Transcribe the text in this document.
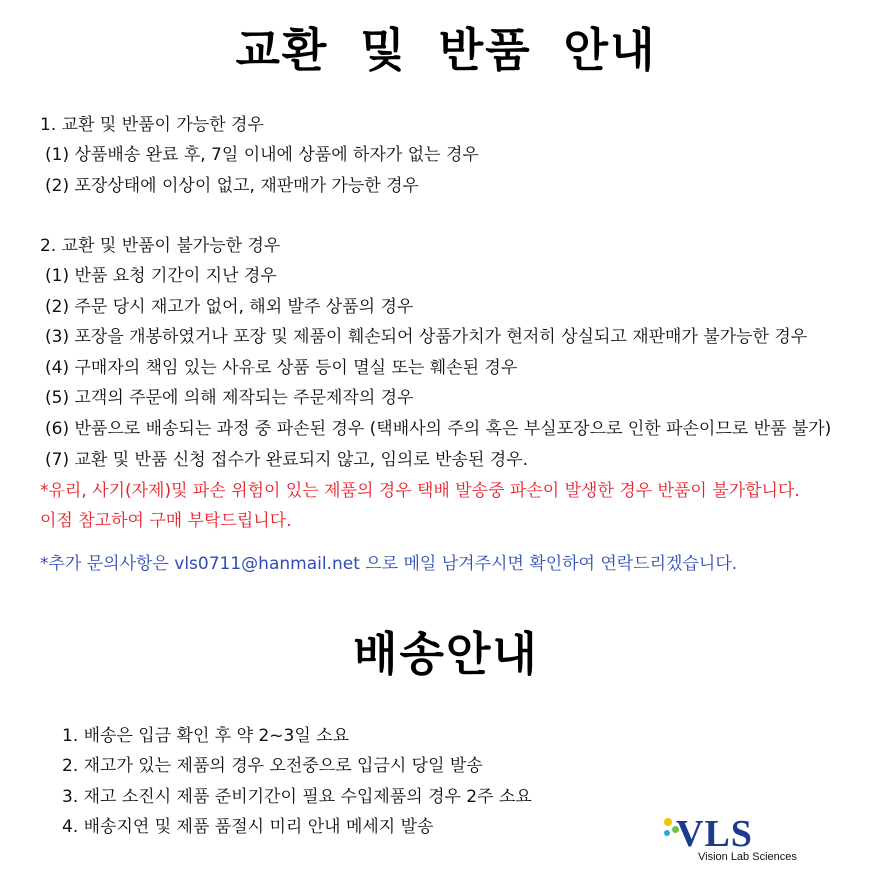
교환 및 반품 안내
1. 교환 및 반품이 가능한 경우
(1) 상품배송 완료 후, 7일 이내에 상품에 하자가 없는 경우
(2) 포장상태에 이상이 없고, 재판매가 가능한 경우
2. 교환 및 반품이 불가능한 경우
(1) 반품 요청 기간이 지난 경우
(2) 주문 당시 재고가 없어, 해외 발주 상품의 경우
(3) 포장을 개봉하였거나 포장 및 제품이 훼손되어 상품가치가 현저히 상실되고 재판매가 불가능한 경우
(4) 구매자의 책임 있는 사유로 상품 등이 멸실 또는 훼손된 경우
(5) 고객의 주문에 의해 제작되는 주문제작의 경우
(6) 반품으로 배송되는 과정 중 파손된 경우 (택배사의 주의 혹은 부실포장으로 인한 파손이므로 반품 불가)
(7) 교환 및 반품 신청 접수가 완료되지 않고, 임의로 반송된 경우.
*유리, 사기(자제)및 파손 위험이 있는 제품의 경우 택배 발송중 파손이 발생한 경우 반품이 불가합니다.
이점 참고하여 구매 부탁드립니다.
*추가 문의사항은 vls0711@hanmail.net 으로 메일 남겨주시면 확인하여 연락드리겠습니다.
배송안내
1. 배송은 입금 확인 후 약 2~3일 소요
2. 재고가 있는 제품의 경우 오전중으로 입금시 당일 발송
3. 재고 소진시 제품 준비기간이 필요 수입제품의 경우 2주 소요
4. 배송지연 및 제품 품절시 미리 안내 메세지 발송	VLS
Vision Lab Sciences
